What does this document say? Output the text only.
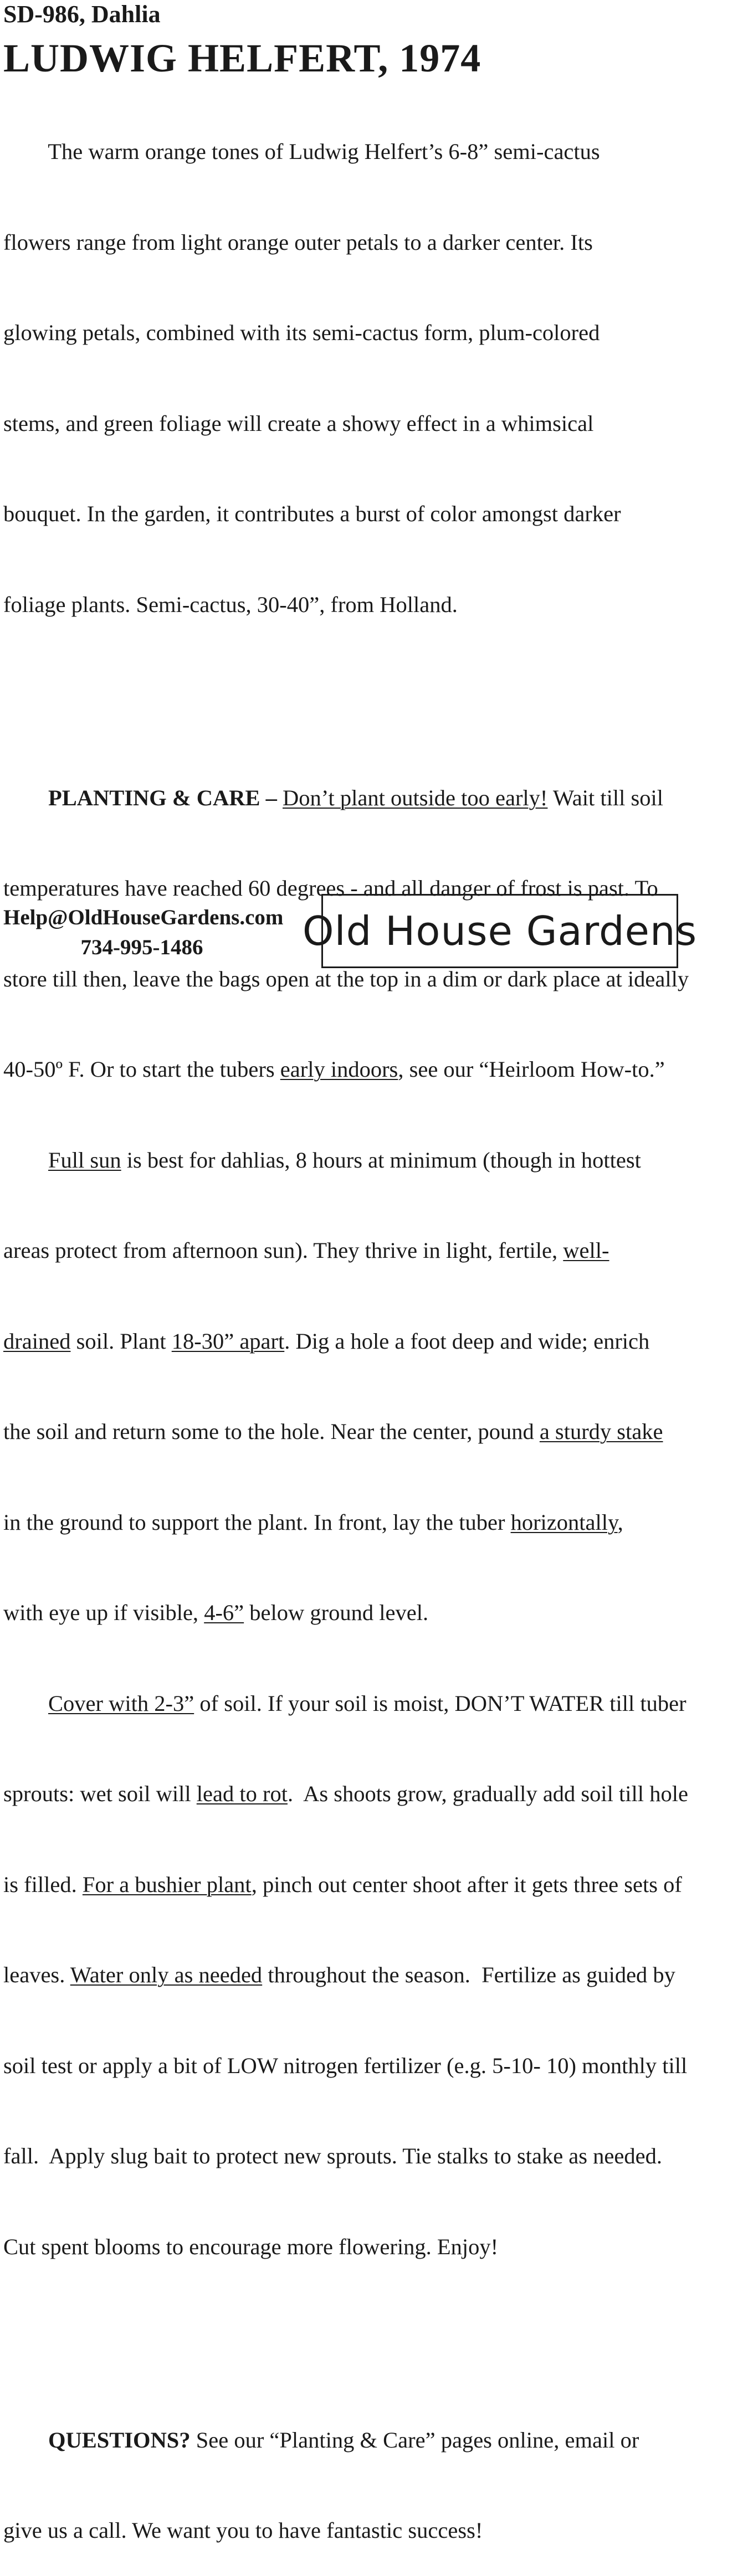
SD-986, Dahlia
LUDWIG HELFERT, 1974

The warm orange tones of Ludwig Helfert’s 6-8” semi-cactus

flowers range from light orange outer petals to a darker center. Its

glowing petals, combined with its semi-cactus form, plum-colored

stems, and green foliage will create a showy effect in a whimsical

bouquet. In the garden, it contributes a burst of color amongst darker

foliage plants. Semi-cactus, 30-40”, from Holland.

PLANTING & CARE – Don’t plant outside too early! Wait till soil

temperatures have reached 60 degrees - and all danger of frost is past. To

store till then, leave the bags open at the top in a dim or dark place at ideally

40-50º F. Or to start the tubers early indoors, see our “Heirloom How-to.”

Full sun is best for dahlias, 8 hours at minimum (though in hottest

areas protect from afternoon sun). They thrive in light, fertile, well-

drained soil. Plant 18-30” apart. Dig a hole a foot deep and wide; enrich

the soil and return some to the hole. Near the center, pound a sturdy stake

in the ground to support the plant. In front, lay the tuber horizontally,

with eye up if visible, 4-6” below ground level.

Cover with 2-3” of soil. If your soil is moist, DON’T WATER till tuber

sprouts: wet soil will lead to rot.  As shoots grow, gradually add soil till hole

is filled. For a bushier plant, pinch out center shoot after it gets three sets of

leaves. Water only as needed throughout the season.  Fertilize as guided by

soil test or apply a bit of LOW nitrogen fertilizer (e.g. 5-10- 10) monthly till

fall.  Apply slug bait to protect new sprouts. Tie stalks to stake as needed.

Cut spent blooms to encourage more flowering. Enjoy!

QUESTIONS? See our “Planting & Care” pages online, email or

give us a call. We want you to have fantastic success!

Help@OldHouseGardens.com
734-995-1486	Old House Gardens
